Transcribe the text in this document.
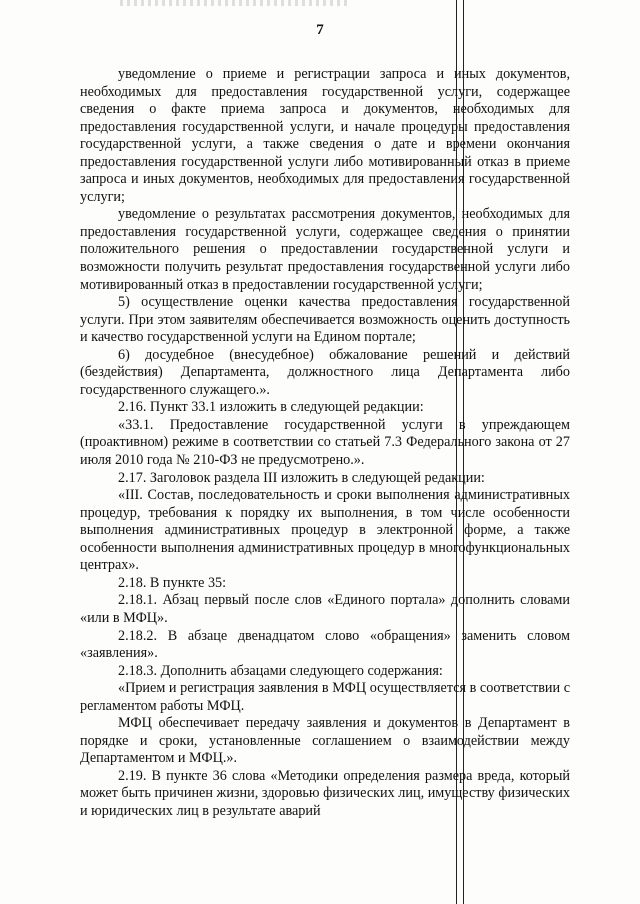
7

уведомление о приеме и регистрации запроса и иных документов, необходимых для предоставления государственной услуги, содержащее сведения о факте приема запроса и документов, необходимых для предоставления государственной услуги, и начале процедуры предоставления государственной услуги, а также сведения о дате и времени окончания предоставления государственной услуги либо мотивированный отказ в приеме запроса и иных документов, необходимых для предоставления государственной услуги;

уведомление о результатах рассмотрения документов, необходимых для предоставления государственной услуги, содержащее сведения о принятии положительного решения о предоставлении государственной услуги и возможности получить результат предоставления государственной услуги либо мотивированный отказ в предоставлении государственной услуги;

5) осуществление оценки качества предоставления государственной услуги. При этом заявителям обеспечивается возможность оценить доступность и качество государственной услуги на Едином портале;

6) досудебное (внесудебное) обжалование решений и действий (бездействия) Департамента, должностного лица Департамента либо государственного служащего.».

2.16. Пункт 33.1 изложить в следующей редакции:

«33.1. Предоставление государственной услуги в упреждающем (проактивном) режиме в соответствии со статьей 7.3 Федерального закона от 27 июля 2010 года № 210-ФЗ не предусмотрено.».

2.17. Заголовок раздела III изложить в следующей редакции:

«III. Состав, последовательность и сроки выполнения административных процедур, требования к порядку их выполнения, в том числе особенности выполнения административных процедур в электронной форме, а также особенности выполнения административных процедур в многофункциональных центрах».

2.18. В пункте 35:

2.18.1. Абзац первый после слов «Единого портала» дополнить словами «или в МФЦ».

2.18.2. В абзаце двенадцатом слово «обращения» заменить словом «заявления».

2.18.3. Дополнить абзацами следующего содержания:

«Прием и регистрация заявления в МФЦ осуществляется в соответствии с регламентом работы МФЦ.

МФЦ обеспечивает передачу заявления и документов в Департамент в порядке и сроки, установленные соглашением о взаимодействии между Департаментом и МФЦ.».

2.19. В пункте 36 слова «Методики определения размера вреда, который может быть причинен жизни, здоровью физических лиц, имуществу физических и юридических лиц в результате аварий
